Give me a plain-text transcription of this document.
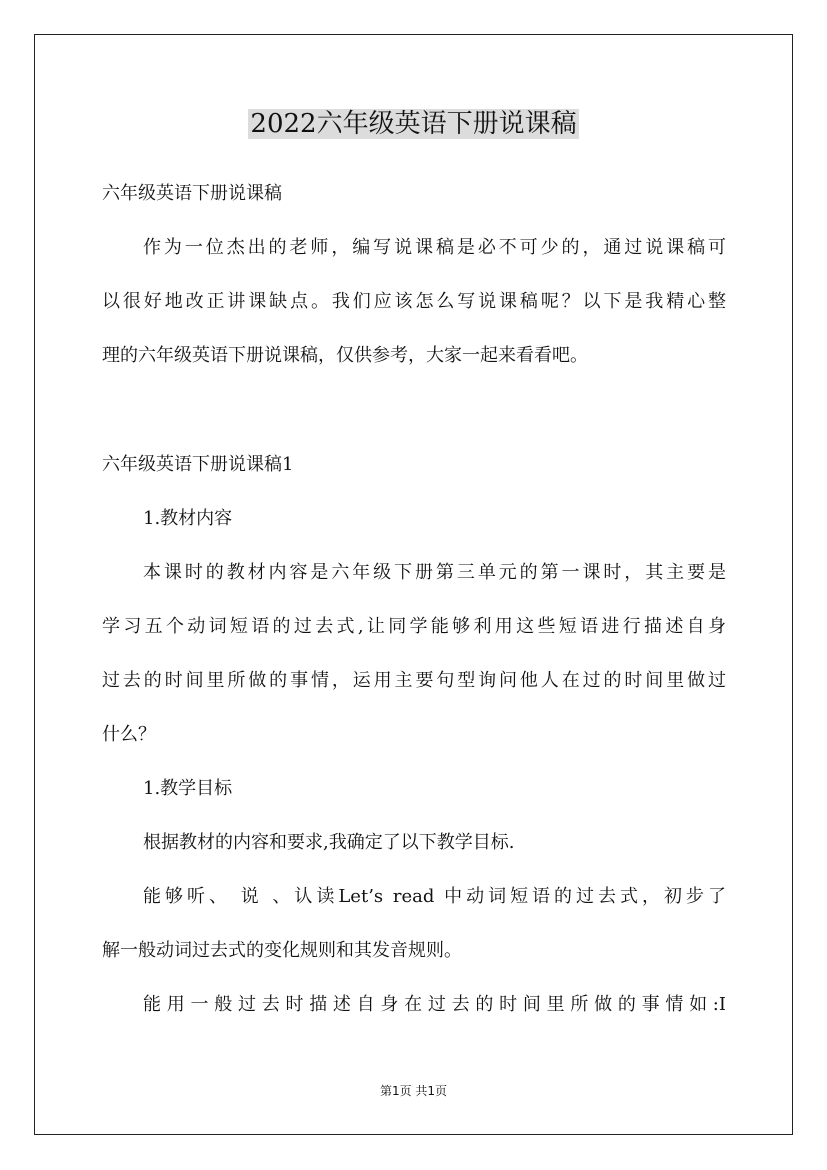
2022六年级英语下册说课稿
六年级英语下册说课稿
作为一位杰出的老师，编写说课稿是必不可少的，通过说课稿可
以很好地改正讲课缺点。我们应该怎么写说课稿呢？以下是我精心整
理的六年级英语下册说课稿，仅供参考，大家一起来看看吧。
六年级英语下册说课稿1
1.教材内容
本课时的教材内容是六年级下册第三单元的第一课时，其主要是
学习五个动词短语的过去式,让同学能够利用这些短语进行描述自身
过去的时间里所做的事情，运用主要句型询问他人在过的时间里做过
什么？
1.教学目标
根据教材的内容和要求,我确定了以下教学目标.
能够听、 说 、认读Let’s read 中动词短语的过去式，初步了
解一般动词过去式的变化规则和其发音规则。
能用一般过去时描述自身在过去的时间里所做的事情如:I
第1页 共1页
